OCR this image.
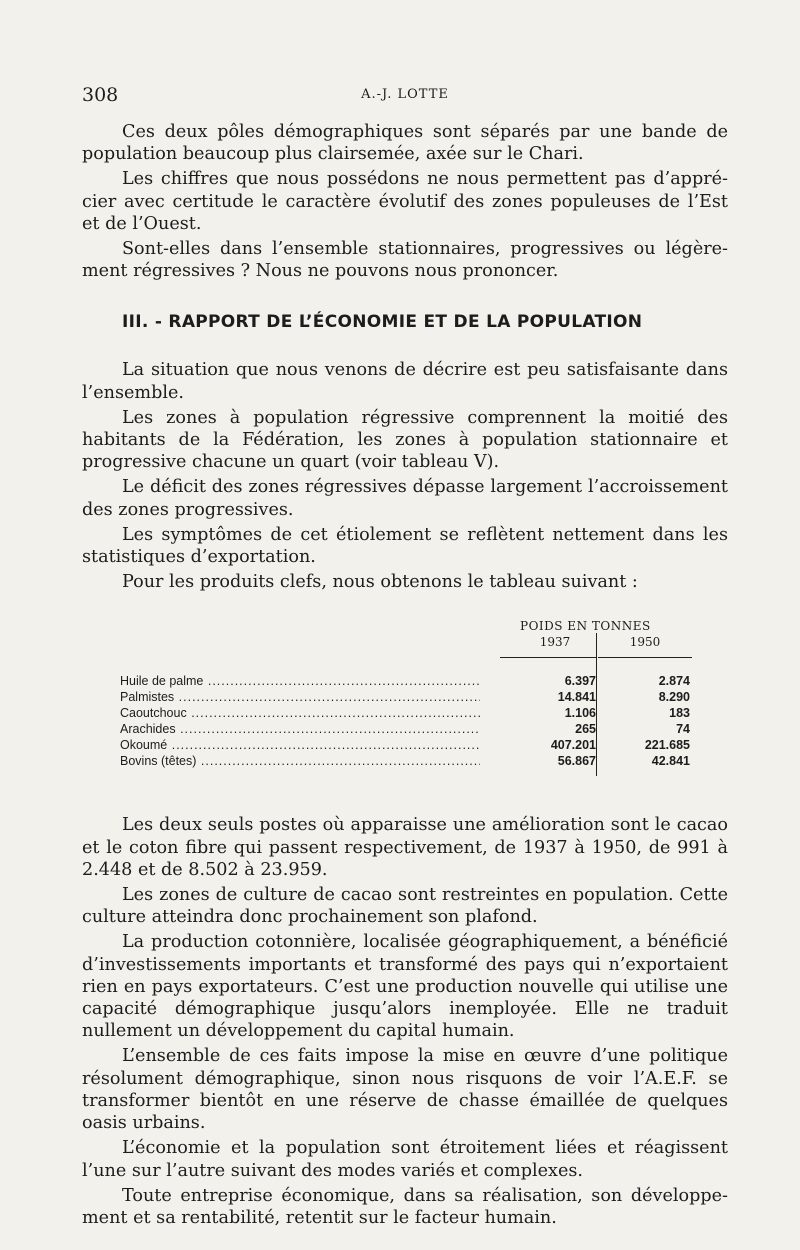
308	A.-J. LOTTE

Ces deux pôles démographiques sont séparés par une bande de population beaucoup plus clairsemée, axée sur le Chari.

Les chiffres que nous possédons ne nous permettent pas d’apprécier avec certitude le caractère évolutif des zones populeuses de l’Est et de l’Ouest.

Sont-elles dans l’ensemble stationnaires, progressives ou légèrement régressives ? Nous ne pouvons nous prononcer.

III. - RAPPORT DE L’ÉCONOMIE ET DE LA POPULATION

La situation que nous venons de décrire est peu satisfaisante dans l’ensemble.

Les zones à population régressive comprennent la moitié des habitants de la Fédération, les zones à population stationnaire et progressive chacune un quart (voir tableau V).

Le déficit des zones régressives dépasse largement l’accroissement des zones progressives.

Les symptômes de cet étiolement se reflètent nettement dans les statistiques d’exportation.

Pour les produits clefs, nous obtenons le tableau suivant :

POIDS EN TONNES
1937	1950
Huile de palme .....	6.397	2.874
Palmistes .....	14.841	8.290
Caoutchouc .....	1.106	183
Arachides .....	265	74
Okoumé .....	407.201	221.685
Bovins (têtes) .....	56.867	42.841

Les deux seuls postes où apparaisse une amélioration sont le cacao et le coton fibre qui passent respectivement, de 1937 à 1950, de 991 à 2.448 et de 8.502 à 23.959.

Les zones de culture de cacao sont restreintes en population. Cette culture atteindra donc prochainement son plafond.

La production cotonnière, localisée géographiquement, a bénéficié d’investissements importants et transformé des pays qui n’exportaient rien en pays exportateurs. C’est une production nouvelle qui utilise une capacité démographique jusqu’alors inemployée. Elle ne traduit nullement un développement du capital humain.

L’ensemble de ces faits impose la mise en œuvre d’une politique résolument démographique, sinon nous risquons de voir l’A.E.F. se transformer bientôt en une réserve de chasse émaillée de quelques oasis urbains.

L’économie et la population sont étroitement liées et réagissent l’une sur l’autre suivant des modes variés et complexes.

Toute entreprise économique, dans sa réalisation, son développement et sa rentabilité, retentit sur le facteur humain.
